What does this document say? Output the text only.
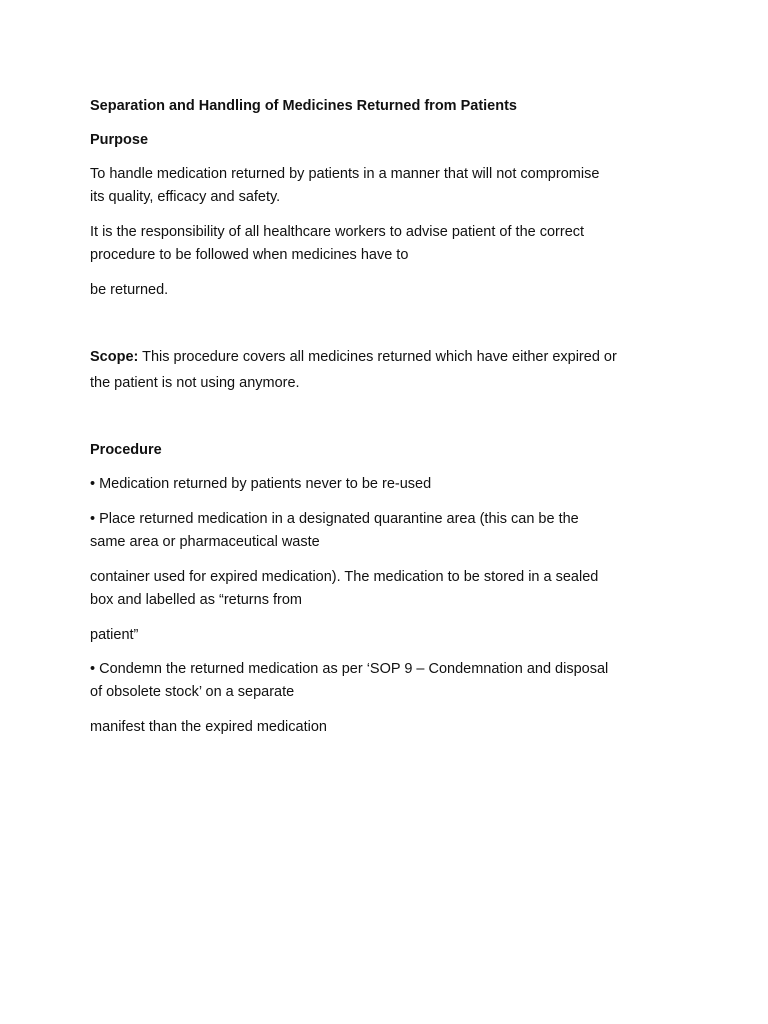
Separation and Handling of Medicines Returned from Patients

Purpose

To handle medication returned by patients in a manner that will not compromise

its quality, efficacy and safety.

It is the responsibility of all healthcare workers to advise patient of the correct

procedure to be followed when medicines have to

be returned.

Scope: This procedure covers all medicines returned which have either expired or

the patient is not using anymore.

Procedure

• Medication returned by patients never to be re-used

• Place returned medication in a designated quarantine area (this can be the

same area or pharmaceutical waste

container used for expired medication). The medication to be stored in a sealed

box and labelled as “returns from

patient”

• Condemn the returned medication as per ‘SOP 9 – Condemnation and disposal

of obsolete stock’ on a separate

manifest than the expired medication
